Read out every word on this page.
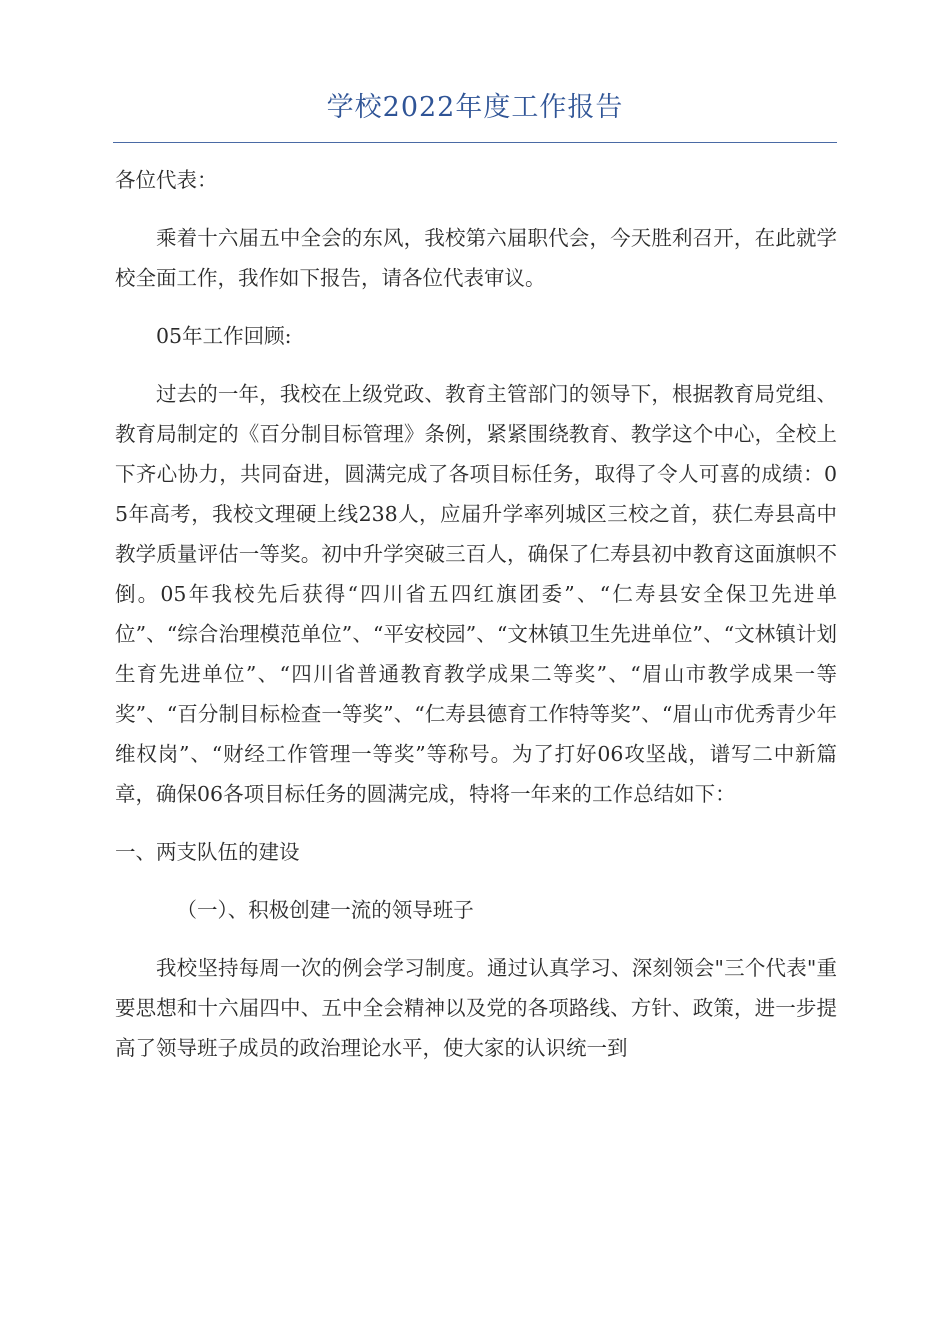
学校2022年度工作报告

各位代表：

乘着十六届五中全会的东风，我校第六届职代会，今天胜利召开，在此就学校全面工作，我作如下报告，请各位代表审议。

05年工作回顾:

过去的一年，我校在上级党政、教育主管部门的领导下，根据教育局党组、教育局制定的《百分制目标管理》条例，紧紧围绕教育、教学这个中心，全校上下齐心协力，共同奋进，圆满完成了各项目标任务，取得了令人可喜的成绩：05年高考，我校文理硬上线238人，应届升学率列城区三校之首，获仁寿县高中教学质量评估一等奖。初中升学突破三百人，确保了仁寿县初中教育这面旗帜不倒。05年我校先后获得“四川省五四红旗团委”、“仁寿县安全保卫先进单位”、“综合治理模范单位”、“平安校园”、“文林镇卫生先进单位”、“文林镇计划生育先进单位”、“四川省普通教育教学成果二等奖”、“眉山市教学成果一等奖”、“百分制目标检查一等奖”、“仁寿县德育工作特等奖”、“眉山市优秀青少年维权岗”、“财经工作管理一等奖”等称号。为了打好06攻坚战，谱写二中新篇章，确保06各项目标任务的圆满完成，特将一年来的工作总结如下：

一、两支队伍的建设

（一）、积极创建一流的领导班子

我校坚持每周一次的例会学习制度。通过认真学习、深刻领会"三个代表"重要思想和十六届四中、五中全会精神以及党的各项路线、方针、政策，进一步提高了领导班子成员的政治理论水平，使大家的认识统一到
